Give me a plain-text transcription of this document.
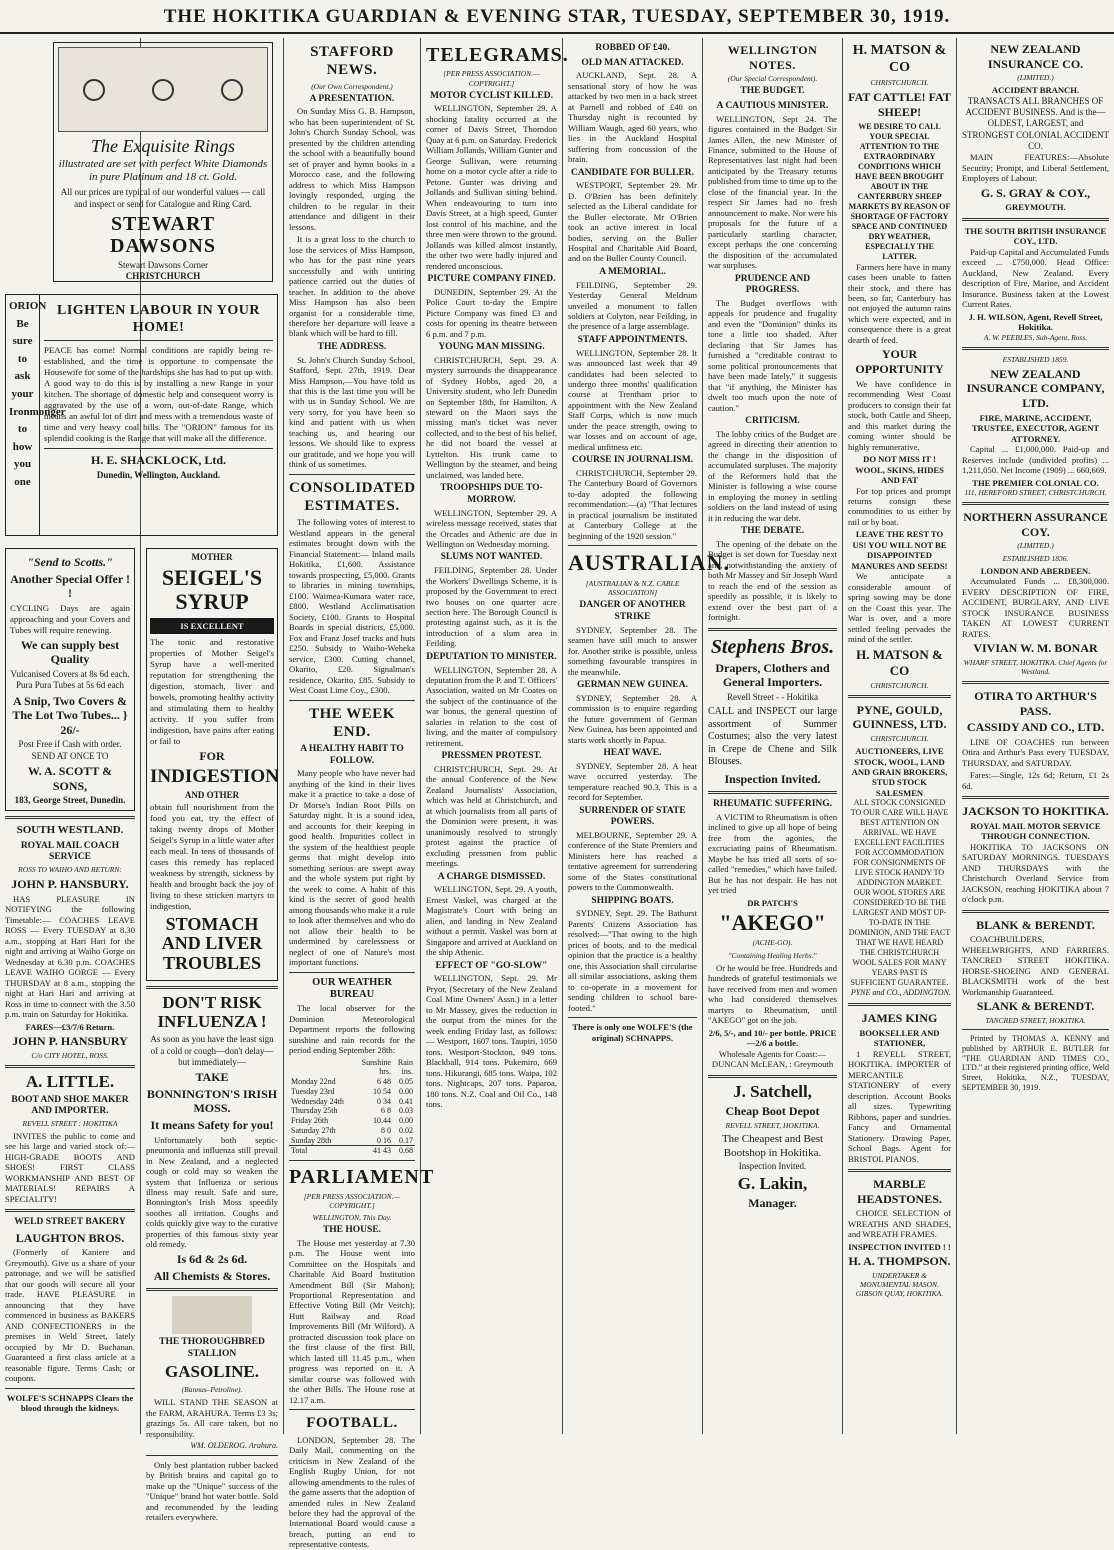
THE HOKITIKA GUARDIAN & EVENING STAR, TUESDAY, SEPTEMBER 30, 1919.
The Exquisite Rings
illustrated are set with perfect White Diamonds in pure Platinum and 18 ct. Gold.
All our prices are typical of our wonderful values — call and inspect or send for Catalogue and Ring Card.
STEWART DAWSONS
Stewart Dawsons Corner
CHRISTCHURCH
ORION Be sure to ask your Ironmonger to how you one
LIGHTEN LABOUR IN YOUR HOME!
PEACE has come! Normal conditions are rapidly being re-established, and the time is opportune to compensate the Housewife for some of the hardships she has had to put up with. A good way to do this is by installing a new Range in your kitchen. The shortage of domestic help and consequent worry is aggravated by the use of a worn, out-of-date Range, which means an awful lot of dirt and mess with a tremendous waste of time and very heavy coal bills. The "ORION" famous for its splendid cooking is the Range that will make all the difference.
H. E. SHACKLOCK, Ltd.
Dunedin, Wellington, Auckland.
"Send to Scotts."
Another Special Offer ! !
CYCLING Days are again approaching and your Covers and Tubes will require renewing.
We can supply best Quality
Vulcanised Covers at 8s 6d each. Pura Pura Tubes at 5s 6d each
A Snip, Two Covers & The Lot Two Tubes... } 26/-
Post Free if Cash with order.
SEND AT ONCE TO
W. A. SCOTT & SONS,
183, George Street, Dunedin.
SOUTH WESTLAND.
ROYAL MAIL COACH SERVICE
ROSS TO WAIHO AND RETURN:
JOHN P. HANSBURY.

HAS PLEASURE IN NOTIFYING the following Timetable:— COACHES LEAVE ROSS — Every TUESDAY at 8.30 a.m., stopping at Hari Hari for the night and arriving at Waiho Gorge on Wednesday at 6.30 p.m. COACHES LEAVE WAIHO GORGE — Every THURSDAY at 8 a.m., stopping the night at Hari Hari and arriving at Ross in time to connect with the 3.50 p.m. train on Saturday for Hokitika.

FARES—£3/7/6 Return.
JOHN P. HANSBURY
C/o CITY HOTEL, ROSS.
A. LITTLE.
BOOT AND SHOE MAKER AND IMPORTER.
REVELL STREET : HOKITIKA

INVITES the public to come and see his large and varied stock of:— HIGH-GRADE BOOTS AND SHOES! FIRST CLASS WORKMANSHIP AND BEST OF MATERIALS! REPAIRS A SPECIALITY!

WELD STREET BAKERY
LAUGHTON BROS.

(Formerly of Kaniere and Greymouth). Give us a share of your patronage, and we will be satisfied that our goods will secure all your trade. HAVE PLEASURE in announcing that they have commenced in business as BAKERS AND CONFECTIONERS in the premises in Weld Street, lately occupied by Mr D. Buchanan. Guaranteed a first class article at a reasonable figure. Terms Cash; or coupons.

WOLFE'S SCHNAPPS Clears the blood through the kidneys.
MOTHER
SEIGEL'S SYRUP
IS EXCELLENT
The tonic and restorative properties of Mother Seigel's Syrup have a well-merited reputation for strengthening the digestion, stomach, liver and bowels, promoting healthy activity and stimulating them to healthy activity. If you suffer from indigestion, have pains after eating or fail to
FOR
INDIGESTION
AND OTHER
obtain full nourishment from the food you eat, try the effect of taking twenty drops of Mother Seigel's Syrup in a little water after each meal. In tens of thousands of cases this remedy has replaced weakness by strength, sickness by health and brought back the joy of living to these stricken martyrs to indigestion,
STOMACH AND LIVER TROUBLES
DON'T RISK INFLUENZA !
As soon as you have the least sign of a cold or cough—don't delay—but immediately—
TAKE
BONNINGTON'S IRISH MOSS.
It means Safety for you!

Unfortunately both septic-pneumonia and influenza still prevail in New Zealand, and a neglected cough or cold may so weaken the system that Influenza or serious illness may result. Safe and sure, Bonnington's Irish Moss speedily soothes all irritation. Coughs and colds quickly give way to the curative properties of this famous sixty year old remedy.

Is 6d & 2s 6d.
All Chemists & Stores.
THE THOROUGHBRED STALLION
GASOLINE.
(Bannus–Petroline).

WILL STAND THE SEASON at the FARM, ARAHURA. Terms £3 3s; grazings 5s. All care taken, but no responsibility.

WM. OLDEROG. Arahura.

Only best plantation rubber backed by British brains and capital go to make up the "Unique" success of the "Unique" brand hot water bottle. Sold and recommended by the leading retailers everywhere.

STAFFORD NEWS.
(Our Own Correspondent.)
A PRESENTATION.

On Sunday Miss G. B. Hampson, who has been superintendent of St. John's Church Sunday School, was presented by the children attending the school with a beautifully bound set of prayer and hymn books in a Morocco case, and the following address to which Miss Hampson lovingly responded, urging the children to be regular in their attendance and diligent in their lessons.

It is a great loss to the church to lose the services of Miss Hampson, who has for the past nine years successfully and with untiring patience carried out the duties of teacher. In addition to the above Miss Hampson has also been organist for a considerable time, therefore her departure will leave a blank which will be hard to fill.

THE ADDRESS.

St. John's Church Sunday School, Stafford, Sept. 27th, 1919. Dear Miss Hampson,—You have told us that this is the last time you will be with us in Sunday School. We are very sorry, for you have been so kind and patient with us when teaching us, and hearing our lessons. We should like to express our gratitude, and we hope you will think of us sometimes.

CONSOLIDATED ESTIMATES.

The following votes of interest to Westland appears in the general estimates brought down with the Financial Statement:— Inland mails Hokitika, £1,600. Assistance towards prospecting, £5,000. Grants to libraries in mining townships, £100. Waimea-Kumara water race, £800. Westland Acclimatisation Society, £100. Grants to Hospital Boards in special districts, £5,000. Fox and Franz Josef tracks and huts £250. Subsidy to Waiho-Weheka service, £300. Cutting channel, Okarito, £20. Signalman's residence, Okarito, £85. Subsidy to West Coast Lime Coy., £300.

THE WEEK END.
A HEALTHY HABIT TO FOLLOW.

Many people who have never had anything of the kind in their lives make it a practice to take a dose of Dr Morse's Indian Root Pills on Saturday night. It is a sound idea, and accounts for their keeping in good health. Impurities collect in the system of the healthiest people germs that might develop into something serious are swept away and the whole system put right by the week to come. A habit of this kind is the secret of good health among thousands who make it a rule to look after themselves and who do not allow their health to be undermined by carelessness or neglect of one of Nature's most important functions.

OUR WEATHER BUREAU

The local observer for the Dominion Meteorological Department reports the following sunshine and rain records for the period ending September 28th:

	Sunshine	Rain
	hrs.	ins.
Monday 22nd	6 48	0.05
Tuesday 23rd	10 54	0.00
Wednesday 24th	0 34	0.41
Thursday 25th	6 8	0.03
Friday 26th	10.44	0.00
Saturday 27th	8 0	0.02
Sunday 28th	0 16	0.17
Total	41 43	0.68
PARLIAMENT
[PER PRESS ASSOCIATION.—COPYRIGHT.]
WELLINGTON, This Day.
THE HOUSE.

The House met yesterday at 7.30 p.m. The House went into Committee on the Hospitals and Charitable Aid Board Institution Amendment Bill (Sir Mahon); Proportional Representation and Effective Voting Bill (Mr Veitch); Hutt Railway and Road Improvements Bill (Mr Wilford). A protracted discussion took place on the first clause of the first Bill, which lasted till 11.45 p.m., when progress was reported on it. A similar course was followed with the other Bills. The House rose at 12.17 a.m.

FOOTBALL.

LONDON, September 28. The Daily Mail, commenting on the criticism in New Zealand of the English Rugby Union, for not allowing amendments to the rules of the game asserts that the adoption of amended rules in New Zealand before they had the approval of the International Board would cause a breach, putting an end to representative contests.

TELEGRAMS.
[PER PRESS ASSOCIATION.—COPYRIGHT.]
MOTOR CYCLIST KILLED.

WELLINGTON, September 29. A shocking fatality occurred at the corner of Davis Street, Thorndon Quay at 6 p.m. on Saturday. Frederick William Jollands, William Gunter and George Sullivan, were returning home on a motor cycle after a ride to Petone. Gunter was driving and Jollands and Sullivan sitting behind. When endeavouring to turn into Davis Street, at a high speed, Gunter lost control of his machine, and the three men were thrown to the ground. Jollands was killed almost instantly, the other two were badly injured and rendered unconscious.

PICTURE COMPANY FINED.

DUNEDIN, September 29. At the Police Court to-day the Empire Picture Company was fined £3 and costs for opening its theatre between 6 p.m. and 7 p.m.

YOUNG MAN MISSING.

CHRISTCHURCH, Sept. 29. A mystery surrounds the disappearance of Sydney Hobbs, aged 20, a University student, who left Dunedin on September 18th, for Hamilton. A steward on the Maori says the missing man's ticket was never collected, and to the best of his belief, he did not board the vessel at Lyttelton. His trunk came to Wellington by the steamer, and being unclaimed, was landed here.

TROOPSHIPS DUE TO-MORROW.

WELLINGTON, September 29. A wireless message received, states that the Orcades and Athenic are due in Wellington on Wednesday morning.

SLUMS NOT WANTED.

FEILDING, September 28. Under the Workers' Dwellings Scheme, it is proposed by the Government to erect two houses on one quarter acre section here. The Borough Council is protesting against such, as it is the introduction of a slum area in Feilding.

DEPUTATION TO MINISTER.

WELLINGTON, September 28. A deputation from the P. and T. Officers' Association, waited on Mr Coates on the subject of the continuance of the war bonus, the general question of salaries in relation to the cost of living, and the matter of compulsory retirement.

PRESSMEN PROTEST.

CHRISTCHURCH, Sept. 29. At the annual Conference of the New Zealand Journalists' Association, which was held at Christchurch, and at which journalists from all parts of the Dominion were present, it was unanimously resolved to strongly protest against the practice of excluding pressmen from public meetings.

A CHARGE DISMISSED.

WELLINGTON, Sept. 29. A youth, Ernest Vaskel, was charged at the Magistrate's Court with being an alien, and landing in New Zealand without a permit. Vaskel was born at Singapore and arrived at Auckland on the ship Athenic.

EFFECT OF "GO-SLOW"

WELLINGTON, Sept. 29. Mr Pryor, (Secretary of the New Zealand Coal Mine Owners' Assn.) in a letter to Mr Massey, gives the reduction in the output from the mines for the week ending Friday last, as follows:— Westport, 1607 tons. Taupiri, 1050 tons. Westport-Stockton, 949 tons. Blackball, 914 tons. Pukemiro, 669 tons. Hikurangi, 685 tons. Waipa, 102 tons. Nightcaps, 207 tons. Paparoa, 180 tons. N.Z. Coal and Oil Co., 148 tons.

ROBBED OF £40.
OLD MAN ATTACKED.

AUCKLAND, Sept. 28. A sensational story of how he was attacked by two men in a back street at Parnell and robbed of £40 on Thursday night is recounted by William Waugh, aged 60 years, who lies in the Auckland Hospital suffering from concussion of the brain.

CANDIDATE FOR BULLER.

WESTPORT, September 29. Mr D. O'Brien has been definitely selected as the Liberal candidate for the Buller electorate. Mr O'Brien took an active interest in local bodies, serving on the Buller Hospital and Charitable Aid Board, and on the Buller County Council.

A MEMORIAL.

FEILDING, September 29. Yesterday General Meldrum unveiled a monument to fallen soldiers at Colyton, near Feilding, in the presence of a large assemblage.

STAFF APPOINTMENTS.

WELLINGTON, September 28. It was announced last week that 49 candidates had been selected to undergo three months' qualification course at Trentham prior to appointment with the New Zealand Staff Corps, which is now much under the peace strength, owing to war losses and on account of age, medical unfitness etc.

COURSE IN JOURNALISM.

CHRISTCHURCH, September 29. The Canterbury Board of Governors to-day adopted the following recommendation:—(a) "That lectures in practical journalism be instituted at Canterbury College at the beginning of the 1920 session."

AUSTRALIAN.
[AUSTRALIAN & N.Z. CABLE ASSOCIATION]
DANGER OF ANOTHER STRIKE

SYDNEY, September 28. The seamen have still much to answer for. Another strike is possible, unless something favourable transpires in the meanwhile.

GERMAN NEW GUINEA.

SYDNEY, September 28. A commission is to enquire regarding the future government of German New Guinea, has been appointed and starts work shortly in Papua.

HEAT WAVE.

SYDNEY, September 28. A heat wave occurred yesterday. The temperature reached 90.3. This is a record for September.

SURRENDER OF STATE POWERS.

MELBOURNE, September 29. A conference of the State Premiers and Ministers here has reached a tentative agreement for surrendering some of the States constitutional powers to the Commonwealth.

SHIPPING BOATS.

SYDNEY, Sept. 29. The Bathurst Parents' Citizens Association has resolved:—"That owing to the high prices of boots, and to the medical opinion that the practice is a healthy one, this Association shall circularise all similar associations, asking them to co-operate in a movement for sending children to school bare-footed."

There is only one WOLFE'S (the original) SCHNAPPS.
WELLINGTON NOTES.
(Our Special Correspondent).
THE BUDGET.
A CAUTIOUS MINISTER.

WELLINGTON, Sept 24. The figures contained in the Budget Sir James Allen, the new Minister of Finance, submitted to the House of Representatives last night had been anticipated by the Treasury returns published from time to time up to the close of the financial year. In the respect Sir James had no fresh announcement to make. Nor were his proposals for the future of a particularly startling character, except perhaps the one concerning the disposition of the accumulated war surpluses.

PRUDENCE AND PROGRESS.

The Budget overflows with appeals for prudence and frugality and even the "Dominion" thinks its tone a little too shaded. After declaring that Sir James has furnished a "creditable contrast to some political pronouncements that have been made lately," it suggests that "if anything, the Minister has dwelt too much upon the note of caution."

CRITICISM.

The lobby critics of the Budget are agreed in directing their attention to the change in the disposition of accumulated surpluses. The majority of the Reformers hold that the Minister is following a wise course in employing the money in settling soldiers on the land instead of using it in reducing the war debt.

THE DEBATE.

The opening of the debate on the Budget is set down for Tuesday next and, notwithstanding the anxiety of both Mr Massey and Sir Joseph Ward to reach the end of the session as speedily as possible, it is likely to extend over the best part of a fortnight.

Stephens Bros.
Drapers, Clothers and General Importers.
Revell Street - - Hokitika
CALL and INSPECT our large assortment of Summer Costumes; also the very latest in Crepe de Chene and Silk Blouses.
Inspection Invited.
RHEUMATIC SUFFERING.

A VICTIM to Rheumatism is often inclined to give up all hope of being free from the agonies, the excruciating pains of Rheumatism. Maybe he has tried all sorts of so-called "remedies," which have failed. But he has not despair. He has not yet tried

DR PATCH'S
"AKEGO"
(ACHE-GO).
"Containing Healing Herbs."

Or he would be free. Hundreds and hundreds of grateful testimonials we have received from men and women who had considered themselves martyrs to Rheumatism, until "AKEGO" got on the job.

2/6, 5/-, and 10/- per bottle. PRICE—2/6 a bottle.
Wholesale Agents for Coast:— DUNCAN McLEAN, : Greymouth
J. Satchell,
Cheap Boot Depot
REVELL STREET, HOKITIKA.
The Cheapest and Best Bootshop in Hokitika.
Inspection Invited.
G. Lakin,
Manager.
H. MATSON & CO
CHRISTCHURCH.
FAT CATTLE! FAT SHEEP!
WE DESIRE TO CALL YOUR SPECIAL ATTENTION TO THE EXTRAORDINARY CONDITIONS WHICH HAVE BEEN BROUGHT ABOUT IN THE CANTERBURY SHEEP MARKETS BY REASON OF SHORTAGE OF FACTORY SPACE AND CONTINUED DRY WEATHER, ESPECIALLY THE LATTER.

Farmers here have in many cases been unable to fatten their stock, and there has been, so far, Canterbury has not enjoyed the autumn rains which were expected, and in consequence there is a great dearth of feed.

YOUR OPPORTUNITY

We have confidence in recommending West Coast producers to consign their fat stock, both Cattle and Sheep, and this market during the coming winter should be highly remunerative.

DO NOT MISS IT !
WOOL, SKINS, HIDES AND FAT

For top prices and prompt returns consign these commodities to us either by rail or by boat.

LEAVE THE REST TO US! YOU WILL NOT BE DISAPPOINTED
MANURES AND SEEDS!

We anticipate a considerable amount of spring sowing may be done on the Coast this year. The War is over, and a more settled feeling pervades the mind of the settler.

H. MATSON & CO
CHRISTCHURCH.
PYNE, GOULD, GUINNESS, LTD.
CHRISTCHURCH.
AUCTIONEERS, LIVE STOCK, WOOL, LAND AND GRAIN BROKERS, STUD STOCK SALESMEN
ALL STOCK CONSIGNED TO OUR CARE WILL HAVE BEST ATTENTION ON ARRIVAL. WE HAVE EXCELLENT FACILITIES FOR ACCOMMODATION FOR CONSIGNMENTS OF LIVE STOCK HANDY TO ADDINGTON MARKET.
OUR WOOL STORES ARE CONSIDERED TO BE THE LARGEST AND MOST UP-TO-DATE IN THE DOMINION, AND THE FACT THAT WE HAVE HEARD THE CHRISTCHURCH WOOL SALES FOR MANY YEARS PAST IS SUFFICIENT GUARANTEE.
PYNE and CO., ADDINGTON.
JAMES KING
BOOKSELLER AND STATIONER,

1 REVELL STREET, HOKITIKA. IMPORTER of MERCANTILE STATIONERY of every description. Account Books all sizes. Typewriting Ribbons, paper and sundries. Fancy and Ornamental Stationery. Drawing Paper, School Bags. Agent for BRISTOL PIANOS.

MARBLE HEADSTONES.

CHOICE SELECTION of WREATHS AND SHADES, and WREATH FRAMES.

INSPECTION INVITED ! !
H. A. THOMPSON.
UNDERTAKER & MONUMENTAL MASON. GIBSON QUAY, HOKITIKA.
NEW ZEALAND INSURANCE CO.
(LIMITED.)
ACCIDENT BRANCH.
TRANSACTS ALL BRANCHES OF ACCIDENT BUSINESS. And is the— OLDEST, LARGEST, and STRONGEST COLONIAL ACCIDENT CO.

MAIN FEATURES:—Absolute Security; Prompt, and Liberal Settlement, Employers of Labour.

G. S. GRAY & COY.,
GREYMOUTH.
THE SOUTH BRITISH INSURANCE COY., LTD.

Paid-up Capital and Accumulated Funds exceed ... £750,000. Head Office: Auckland, New Zealand. Every description of Fire, Marine, and Accident Insurance. Business taken at the Lowest Current Rates.

J. H. WILSON, Agent, Revell Street, Hokitika.
A. W. PEEBLES, Sub-Agent, Ross.
ESTABLISHED 1859.
NEW ZEALAND INSURANCE COMPANY, LTD.
FIRE, MARINE, ACCIDENT, TRUSTEE, EXECUTOR, AGENT ATTORNEY.

Capital ... £1,000,000. Paid-up and Reserves include (undivided profits) ... 1,211,050. Net Income (1909) ... 660,669.

THE PREMIER COLONIAL CO.
111, HEREFORD STREET, CHRISTCHURCH.
NORTHERN ASSURANCE COY.
(LIMITED.)
ESTABLISHED 1836.
LONDON AND ABERDEEN.

Accumulated Funds ... £8,300,000. EVERY DESCRIPTION OF FIRE, ACCIDENT, BURGLARY, AND LIVE STOCK INSURANCE BUSINESS TAKEN AT LOWEST CURRENT RATES.

VIVIAN W. M. BONAR
WHARF STREET, HOKITIKA. Chief Agents for Westland.
OTIRA TO ARTHUR'S PASS.
CASSIDY AND CO., LTD.

LINE OF COACHES run between Otira and Arthur's Pass every TUESDAY, THURSDAY, and SATURDAY.

Fares:—Single, 12s 6d; Return, £1 2s 6d.

JACKSON TO HOKITIKA.
ROYAL MAIL MOTOR SERVICE THROUGH CONNECTION.

HOKITIKA TO JACKSONS ON SATURDAY MORNINGS. TUESDAYS AND THURSDAYS with the Christchurch Overland Service from JACKSON, reaching HOKITIKA about 7 o'clock p.m.

BLANK & BERENDT.

COACHBUILDERS, WHEELWRIGHTS, AND FARRIERS. TANCRED STREET HOKITIKA. HORSE-SHOEING AND GENERAL BLACKSMITH work of the best Workmanship Guaranteed.

SLANK & BERENDT.
TANCRED STREET, HOKITIKA.

Printed by THOMAS A. KENNY and published by ARTHUR E. BUTLER for "THE GUARDIAN AND TIMES CO., LTD." at their registered printing office, Weld Street, Hokitika, N.Z., TUESDAY, SEPTEMBER 30, 1919.
